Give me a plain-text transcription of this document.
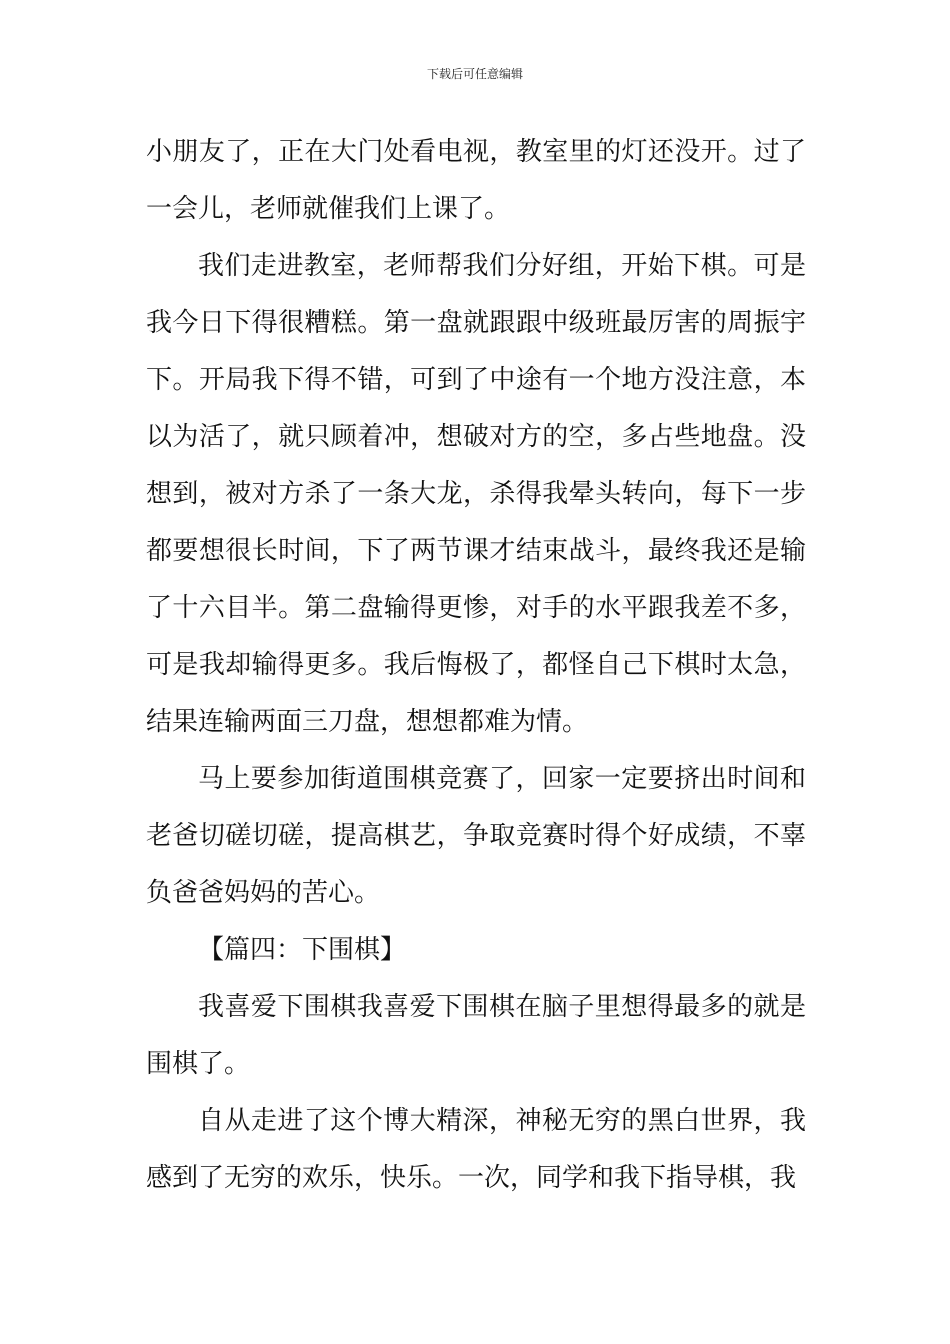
下载后可任意编辑

小朋友了，正在大门处看电视，教室里的灯还没开。过了一会儿，老师就催我们上课了。

我们走进教室，老师帮我们分好组，开始下棋。可是我今日下得很糟糕。第一盘就跟跟中级班最厉害的周振宇下。开局我下得不错，可到了中途有一个地方没注意，本以为活了，就只顾着冲，想破对方的空，多占些地盘。没想到，被对方杀了一条大龙，杀得我晕头转向，每下一步都要想很长时间，下了两节课才结束战斗，最终我还是输了十六目半。第二盘输得更惨，对手的水平跟我差不多，可是我却输得更多。我后悔极了，都怪自己下棋时太急，结果连输两面三刀盘，想想都难为情。

马上要参加街道围棋竞赛了，回家一定要挤出时间和老爸切磋切磋，提高棋艺，争取竞赛时得个好成绩，不辜负爸爸妈妈的苦心。

【篇四：下围棋】

我喜爱下围棋我喜爱下围棋在脑子里想得最多的就是围棋了。

自从走进了这个博大精深，神秘无穷的黑白世界，我感到了无穷的欢乐，快乐。一次，同学和我下指导棋，我
